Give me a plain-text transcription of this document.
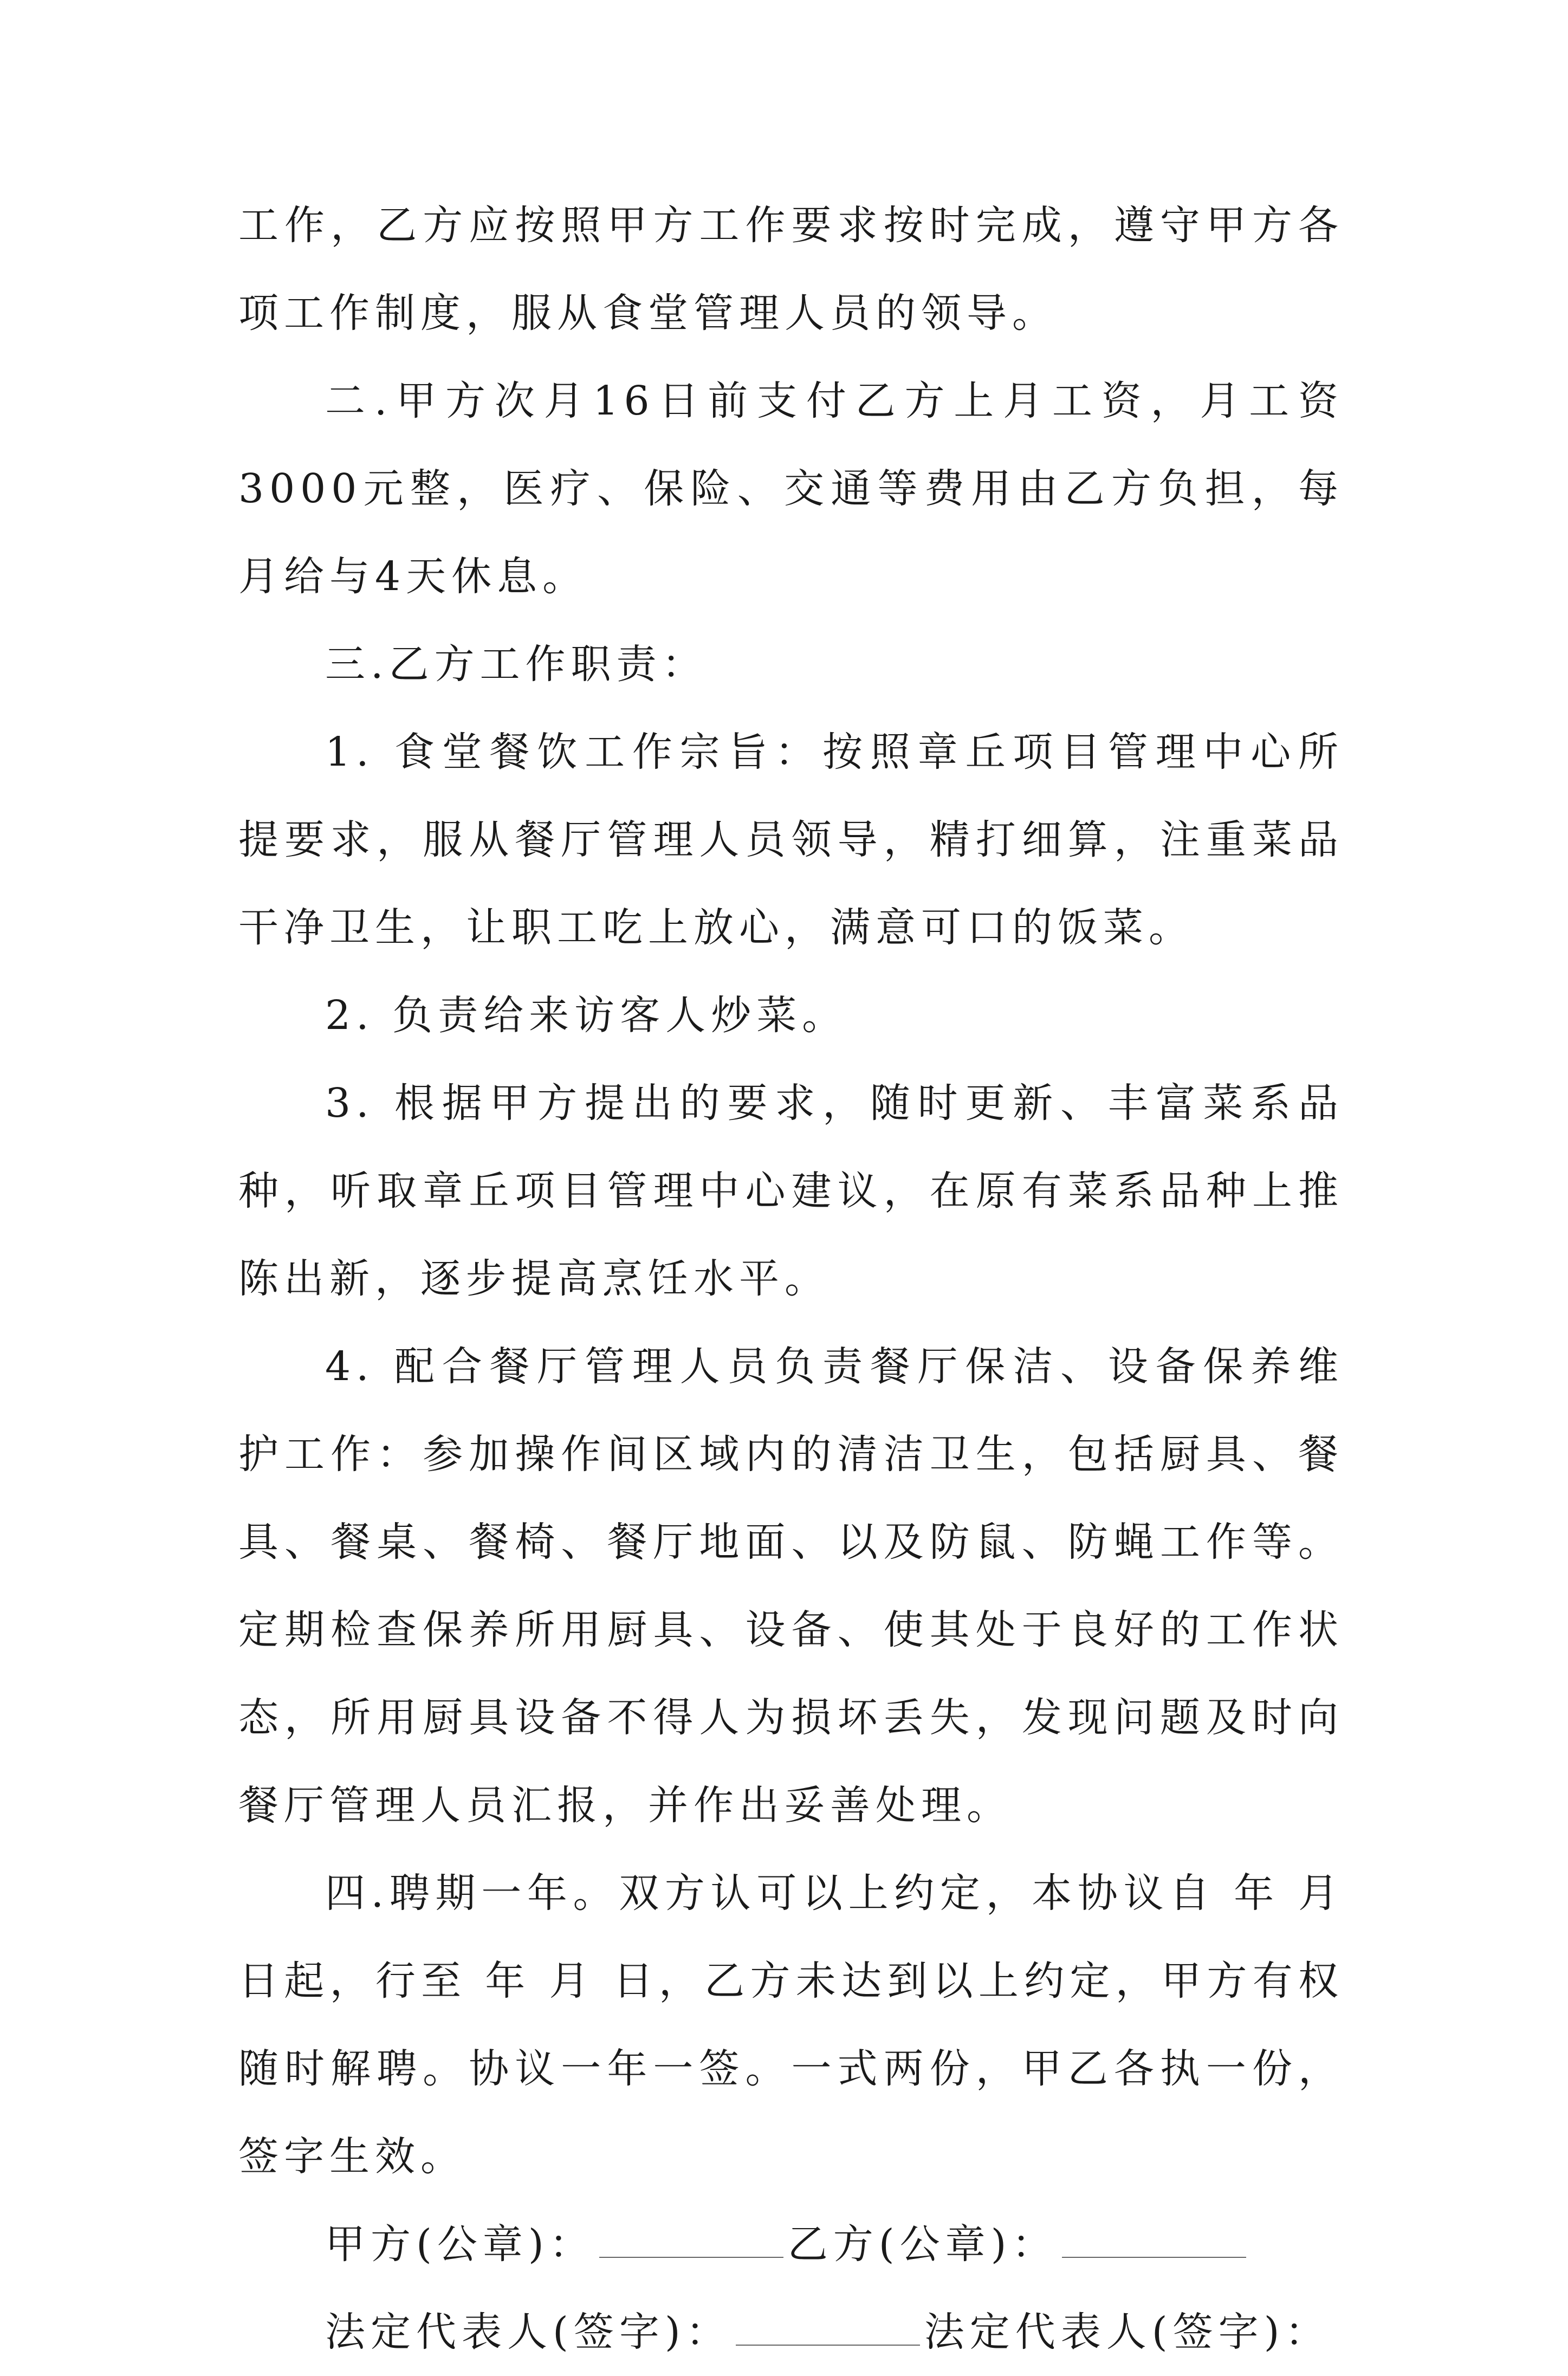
工作，乙方应按照甲方工作要求按时完成，遵守甲方各项工作制度，服从食堂管理人员的领导。

二.甲方次月16日前支付乙方上月工资，月工资3000元整，医疗、保险、交通等费用由乙方负担，每月给与4天休息。

三.乙方工作职责：

1. 食堂餐饮工作宗旨：按照章丘项目管理中心所提要求，服从餐厅管理人员领导，精打细算，注重菜品干净卫生，让职工吃上放心，满意可口的饭菜。

2. 负责给来访客人炒菜。

3. 根据甲方提出的要求，随时更新、丰富菜系品种，听取章丘项目管理中心建议，在原有菜系品种上推陈出新，逐步提高烹饪水平。

4. 配合餐厅管理人员负责餐厅保洁、设备保养维护工作：参加操作间区域内的清洁卫生，包括厨具、餐具、餐桌、餐椅、餐厅地面、以及防鼠、防蝇工作等。定期检查保养所用厨具、设备、使其处于良好的工作状态，所用厨具设备不得人为损坏丢失，发现问题及时向餐厅管理人员汇报，并作出妥善处理。

四.聘期一年。双方认可以上约定，本协议自 年 月 日起，行至 年 月 日，乙方未达到以上约定，甲方有权随时解聘。协议一年一签。一式两份，甲乙各执一份，签字生效。

甲方(公章)：	乙方(公章)：

法定代表人(签字)：	法定代表人(签字)：
